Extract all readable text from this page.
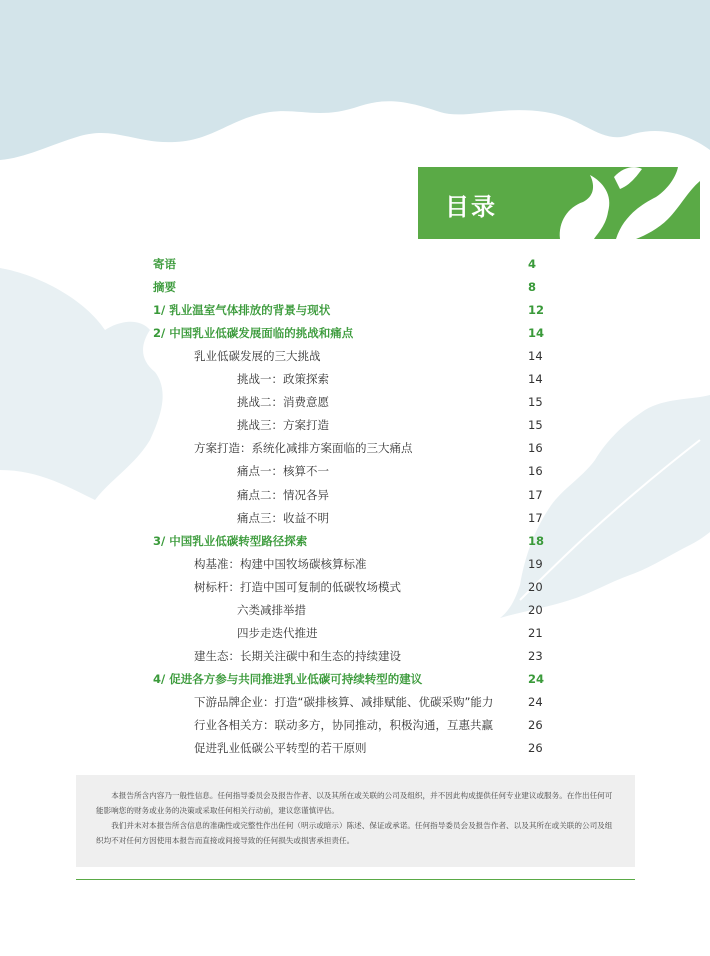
目录
寄语	4
摘要	8
1/ 乳业温室气体排放的背景与现状	12
2/ 中国乳业低碳发展面临的挑战和痛点	14
乳业低碳发展的三大挑战	14
挑战一：政策探索	14
挑战二：消费意愿	15
挑战三：方案打造	15
方案打造：系统化减排方案面临的三大痛点	16
痛点一：核算不一	16
痛点二：情况各异	17
痛点三：收益不明	17
3/ 中国乳业低碳转型路径探索	18
构基准：构建中国牧场碳核算标准	19
树标杆：打造中国可复制的低碳牧场模式	20
六类减排举措	20
四步走迭代推进	21
建生态：长期关注碳中和生态的持续建设	23
4/ 促进各方参与共同推进乳业低碳可持续转型的建议	24
下游品牌企业：打造“碳排核算、减排赋能、优碳采购”能力	24
行业各相关方：联动多方，协同推动，积极沟通，互惠共赢	26
促进乳业低碳公平转型的若干原则	26

本报告所含内容乃一般性信息。任何指导委员会及报告作者、以及其所在或关联的公司及组织，并不因此构成提供任何专业建议或服务。在作出任何可能影响您的财务或业务的决策或采取任何相关行动前，建议您谨慎评估。

我们并未对本报告所含信息的准确性或完整性作出任何（明示或暗示）陈述、保证或承诺。任何指导委员会及报告作者、以及其所在或关联的公司及组织均不对任何方因使用本报告而直接或间接导致的任何损失或损害承担责任。
